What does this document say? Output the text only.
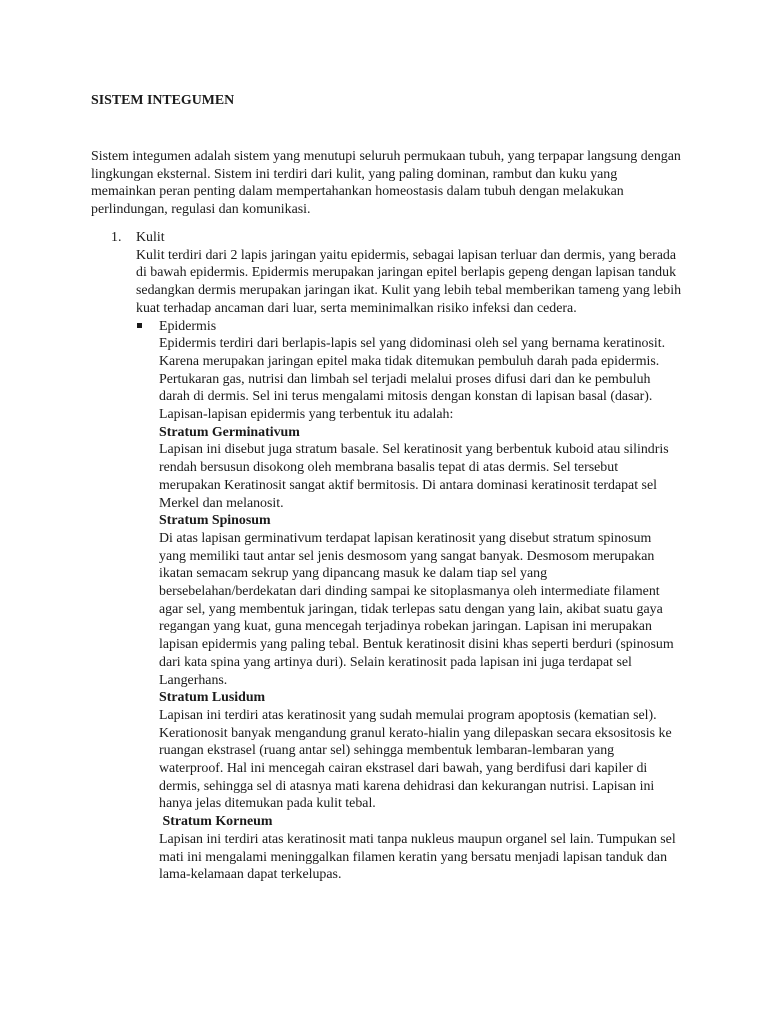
SISTEM INTEGUMEN

Sistem integumen adalah sistem yang menutupi seluruh permukaan tubuh, yang terpapar langsung dengan
lingkungan eksternal. Sistem ini terdiri dari kulit, yang paling dominan, rambut dan kuku yang
memainkan peran penting dalam mempertahankan homeostasis dalam tubuh dengan melakukan
perlindungan, regulasi dan komunikasi.

1. Kulit
Kulit terdiri dari 2 lapis jaringan yaitu epidermis, sebagai lapisan terluar dan dermis, yang berada
di bawah epidermis. Epidermis merupakan jaringan epitel berlapis gepeng dengan lapisan tanduk
sedangkan dermis merupakan jaringan ikat. Kulit yang lebih tebal memberikan tameng yang lebih
kuat terhadap ancaman dari luar, serta meminimalkan risiko infeksi dan cedera.
Epidermis
Epidermis terdiri dari berlapis-lapis sel yang didominasi oleh sel yang bernama keratinosit.
Karena merupakan jaringan epitel maka tidak ditemukan pembuluh darah pada epidermis.
Pertukaran gas, nutrisi dan limbah sel terjadi melalui proses difusi dari dan ke pembuluh
darah di dermis. Sel ini terus mengalami mitosis dengan konstan di lapisan basal (dasar).
Lapisan-lapisan epidermis yang terbentuk itu adalah:
Stratum Germinativum
Lapisan ini disebut juga stratum basale. Sel keratinosit yang berbentuk kuboid atau silindris
rendah bersusun disokong oleh membrana basalis tepat di atas dermis. Sel tersebut
merupakan Keratinosit sangat aktif bermitosis. Di antara dominasi keratinosit terdapat sel
Merkel dan melanosit.
Stratum Spinosum
Di atas lapisan germinativum terdapat lapisan keratinosit yang disebut stratum spinosum
yang memiliki taut antar sel jenis desmosom yang sangat banyak. Desmosom merupakan
ikatan semacam sekrup yang dipancang masuk ke dalam tiap sel yang
bersebelahan/berdekatan dari dinding sampai ke sitoplasmanya oleh intermediate filament
agar sel, yang membentuk jaringan, tidak terlepas satu dengan yang lain, akibat suatu gaya
regangan yang kuat, guna mencegah terjadinya robekan jaringan. Lapisan ini merupakan
lapisan epidermis yang paling tebal. Bentuk keratinosit disini khas seperti berduri (spinosum
dari kata spina yang artinya duri). Selain keratinosit pada lapisan ini juga terdapat sel
Langerhans.
Stratum Lusidum
Lapisan ini terdiri atas keratinosit yang sudah memulai program apoptosis (kematian sel).
Kerationosit banyak mengandung granul kerato-hialin yang dilepaskan secara eksositosis ke
ruangan ekstrasel (ruang antar sel) sehingga membentuk lembaran-lembaran yang
waterproof. Hal ini mencegah cairan ekstrasel dari bawah, yang berdifusi dari kapiler di
dermis, sehingga sel di atasnya mati karena dehidrasi dan kekurangan nutrisi. Lapisan ini
hanya jelas ditemukan pada kulit tebal.
Stratum Korneum
Lapisan ini terdiri atas keratinosit mati tanpa nukleus maupun organel sel lain. Tumpukan sel
mati ini mengalami meninggalkan filamen keratin yang bersatu menjadi lapisan tanduk dan
lama-kelamaan dapat terkelupas.
